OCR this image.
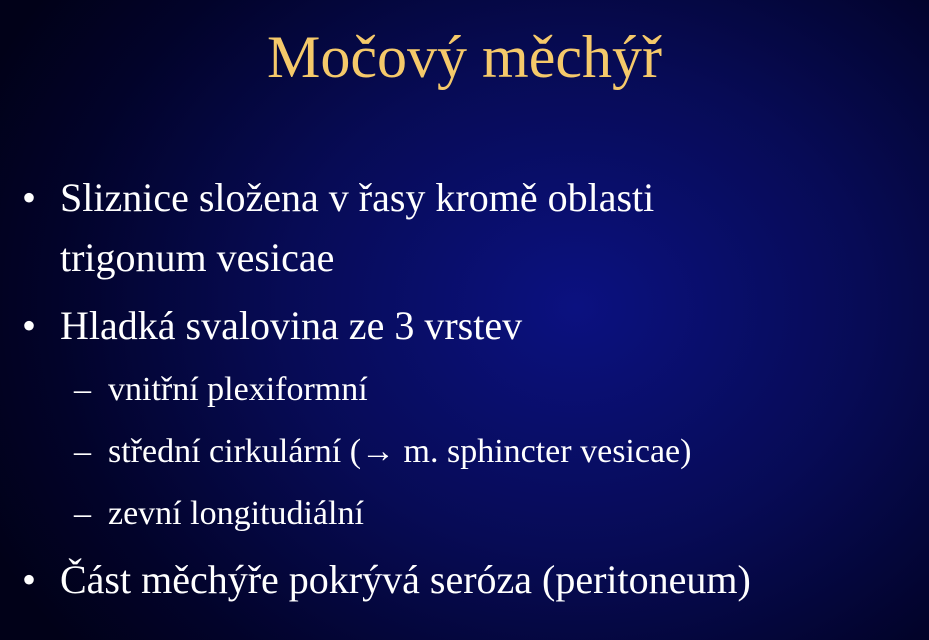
Močový měchýř
• Sliznice složena v řasy kromě oblasti
trigonum vesicae
• Hladká svalovina ze 3 vrstev
– vnitřní plexiformní
– střední cirkulární (→ m. sphincter vesicae)
– zevní longitudiální
• Část měchýře pokrývá seróza (peritoneum)
